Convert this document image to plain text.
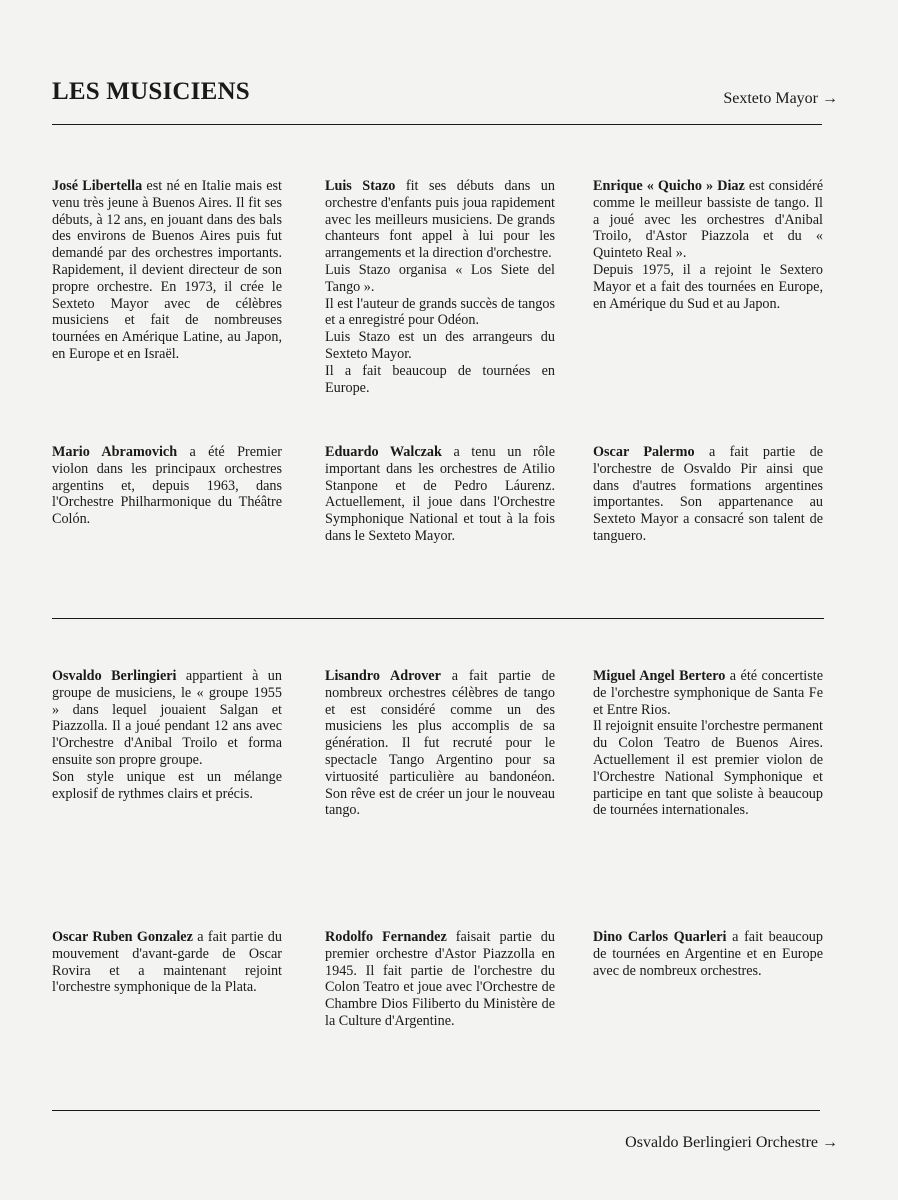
LES MUSICIENS	Sexteto Mayor →

José Libertella est né en Italie mais est venu très jeune à Buenos Aires. Il fit ses débuts, à 12 ans, en jouant dans des bals des environs de Buenos Aires puis fut demandé par des orchestres importants. Rapidement, il devient directeur de son propre orchestre. En 1973, il crée le Sexteto Mayor avec de célèbres musiciens et fait de nombreuses tournées en Amérique Latine, au Japon, en Europe et en Israël.

Luis Stazo fit ses débuts dans un orchestre d'enfants puis joua rapidement avec les meilleurs musiciens. De grands chanteurs font appel à lui pour les arrangements et la direction d'orchestre.

Luis Stazo organisa « Los Siete del Tango ».

Il est l'auteur de grands succès de tangos et a enregistré pour Odéon.

Luis Stazo est un des arrangeurs du Sexteto Mayor.

Il a fait beaucoup de tournées en Europe.

Enrique « Quicho » Diaz est considéré comme le meilleur bassiste de tango. Il a joué avec les orchestres d'Anibal Troilo, d'Astor Piazzola et du « Quinteto Real ».

Depuis 1975, il a rejoint le Sextero Mayor et a fait des tournées en Europe, en Amérique du Sud et au Japon.

Mario Abramovich a été Premier violon dans les principaux orchestres argentins et, depuis 1963, dans l'Orchestre Philharmonique du Théâtre Colón.

Eduardo Walczak a tenu un rôle important dans les orchestres de Atilio Stanpone et de Pedro Láurenz. Actuellement, il joue dans l'Orchestre Symphonique National et tout à la fois dans le Sexteto Mayor.

Oscar Palermo a fait partie de l'orchestre de Osvaldo Pir ainsi que dans d'autres formations argentines importantes. Son appartenance au Sexteto Mayor a consacré son talent de tanguero.

Osvaldo Berlingieri appartient à un groupe de musiciens, le « groupe 1955 » dans lequel jouaient Salgan et Piazzolla. Il a joué pendant 12 ans avec l'Orchestre d'Anibal Troilo et forma ensuite son propre groupe.

Son style unique est un mélange explosif de rythmes clairs et précis.

Lisandro Adrover a fait partie de nombreux orchestres célèbres de tango et est considéré comme un des musiciens les plus accomplis de sa génération. Il fut recruté pour le spectacle Tango Argentino pour sa virtuosité particulière au bandonéon. Son rêve est de créer un jour le nouveau tango.

Miguel Angel Bertero a été concertiste de l'orchestre symphonique de Santa Fe et Entre Rios.

Il rejoignit ensuite l'orchestre permanent du Colon Teatro de Buenos Aires. Actuellement il est premier violon de l'Orchestre National Symphonique et participe en tant que soliste à beaucoup de tournées internationales.

Oscar Ruben Gonzalez a fait partie du mouvement d'avant-garde de Oscar Rovira et a maintenant rejoint l'orchestre symphonique de la Plata.

Rodolfo Fernandez faisait partie du premier orchestre d'Astor Piazzolla en 1945. Il fait partie de l'orchestre du Colon Teatro et joue avec l'Orchestre de Chambre Dios Filiberto du Ministère de la Culture d'Argentine.

Dino Carlos Quarleri a fait beaucoup de tournées en Argentine et en Europe avec de nombreux orchestres.

Osvaldo Berlingieri Orchestre →
